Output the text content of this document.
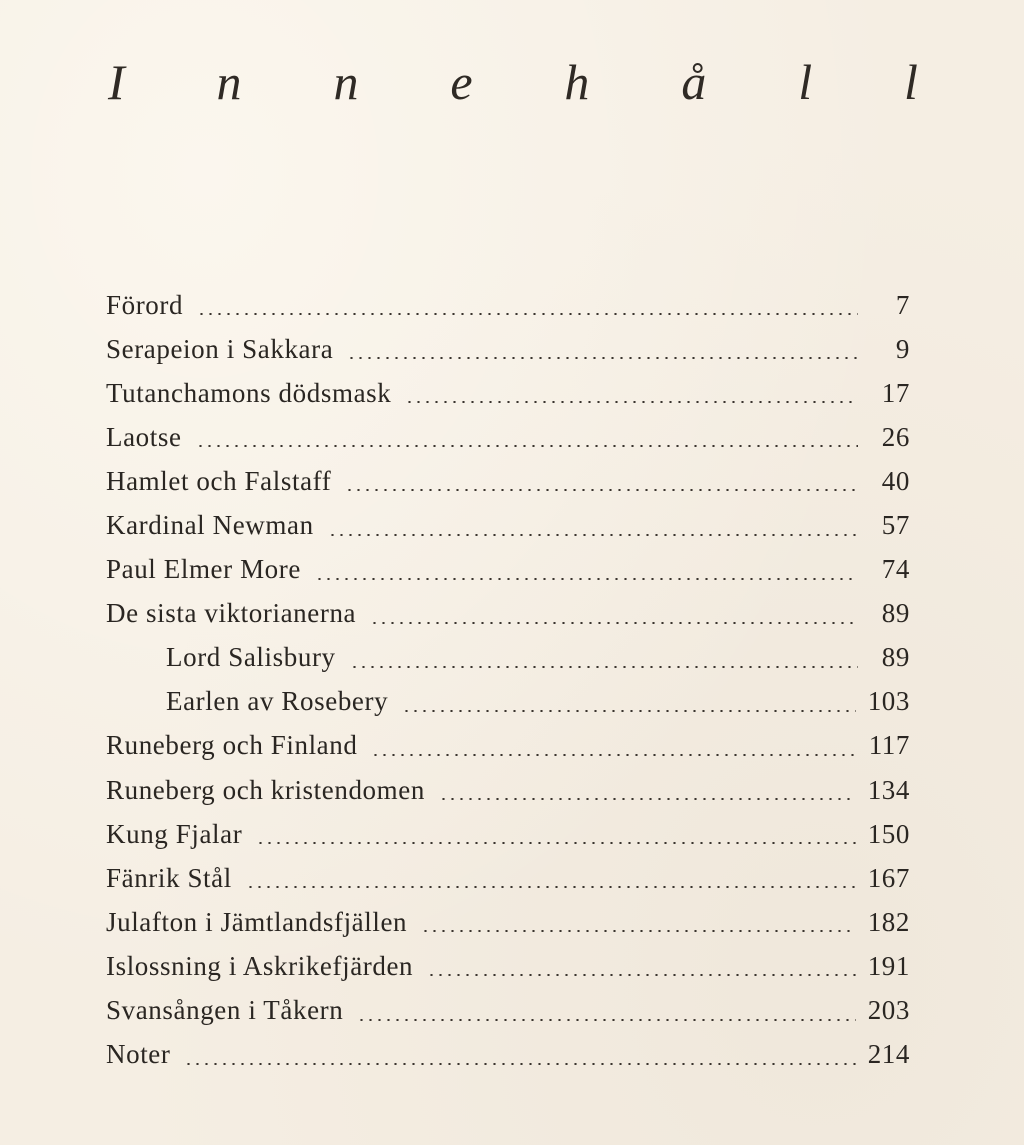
I n n e h å l l
Förord	7
Serapeion i Sakkara	9
Tutanchamons dödsmask	17
Laotse	26
Hamlet och Falstaff	40
Kardinal Newman	57
Paul Elmer More	74
De sista viktorianerna	89
Lord Salisbury	89
Earlen av Rosebery	103
Runeberg och Finland	117
Runeberg och kristendomen	134
Kung Fjalar	150
Fänrik Stål	167
Julafton i Jämtlandsfjällen	182
Islossning i Askrikefjärden	191
Svansången i Tåkern	203
Noter	214
